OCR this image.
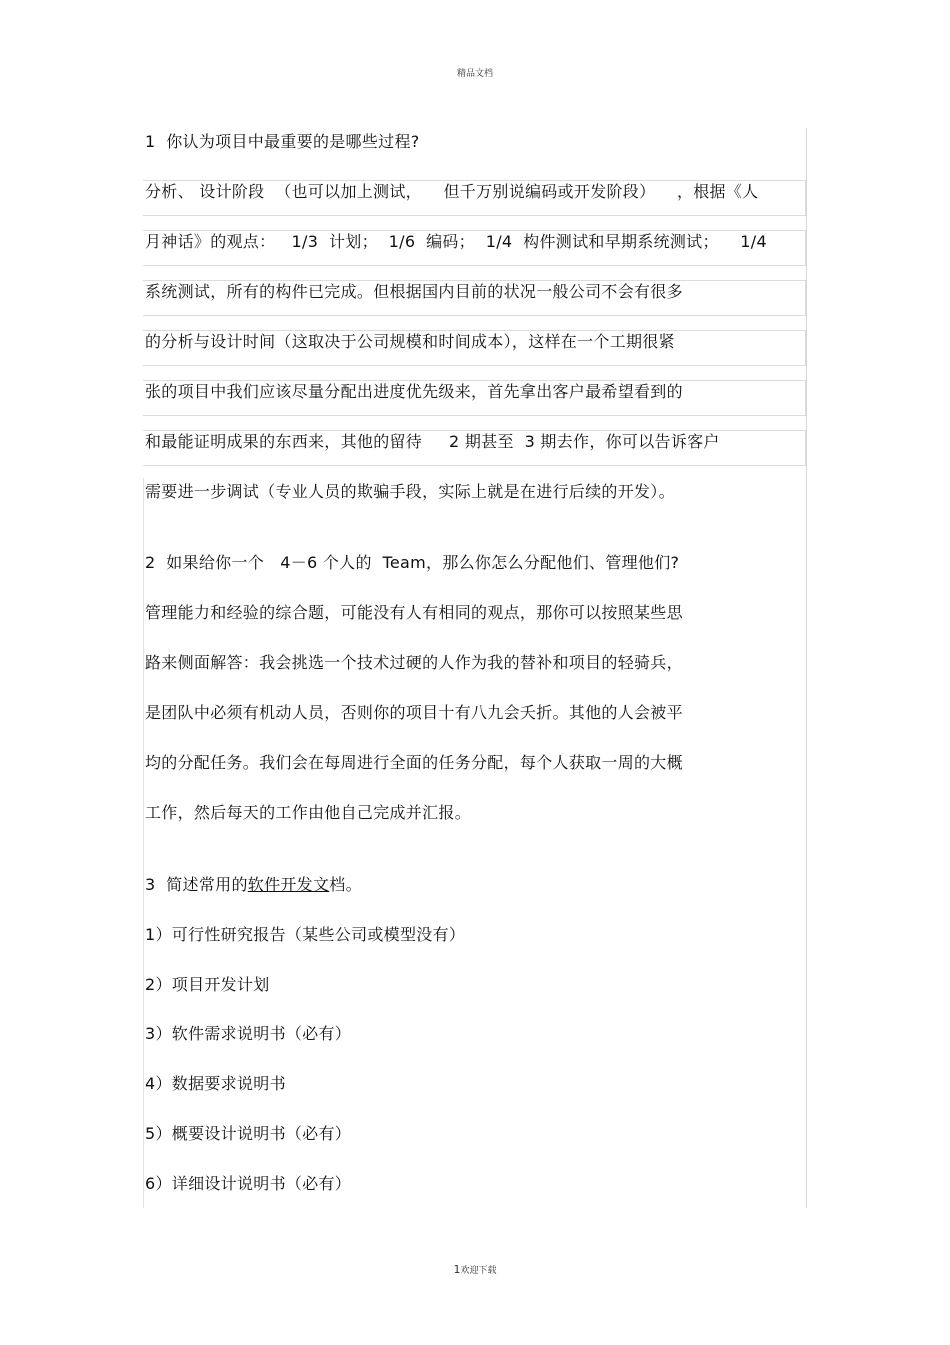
精品文档
1  你认为项目中最重要的是哪些过程?
分析、 设计阶段  （也可以加上测试，    但千万别说编码或开发阶段）    ，根据《人
月神话》的观点：   1/3  计划；  1/6  编码；  1/4  构件测试和早期系统测试；    1/4
系统测试，所有的构件已完成。但根据国内目前的状况一般公司不会有很多
的分析与设计时间（这取决于公司规模和时间成本），这样在一个工期很紧
张的项目中我们应该尽量分配出进度优先级来，首先拿出客户最希望看到的
和最能证明成果的东西来，其他的留待     2 期甚至  3 期去作，你可以告诉客户
需要进一步调试（专业人员的欺骗手段，实际上就是在进行后续的开发）。
2  如果给你一个   4－6 个人的  Team，那么你怎么分配他们、管理他们?
管理能力和经验的综合题，可能没有人有相同的观点，那你可以按照某些思
路来侧面解答：我会挑选一个技术过硬的人作为我的替补和项目的轻骑兵，
是团队中必须有机动人员，否则你的项目十有八九会夭折。其他的人会被平
均的分配任务。我们会在每周进行全面的任务分配，每个人获取一周的大概
工作，然后每天的工作由他自己完成并汇报。
3  简述常用的软件开发文档。
1）可行性研究报告（某些公司或模型没有）
2）项目开发计划
3）软件需求说明书（必有）
4）数据要求说明书
5）概要设计说明书（必有）
6）详细设计说明书（必有）
1欢迎下载
